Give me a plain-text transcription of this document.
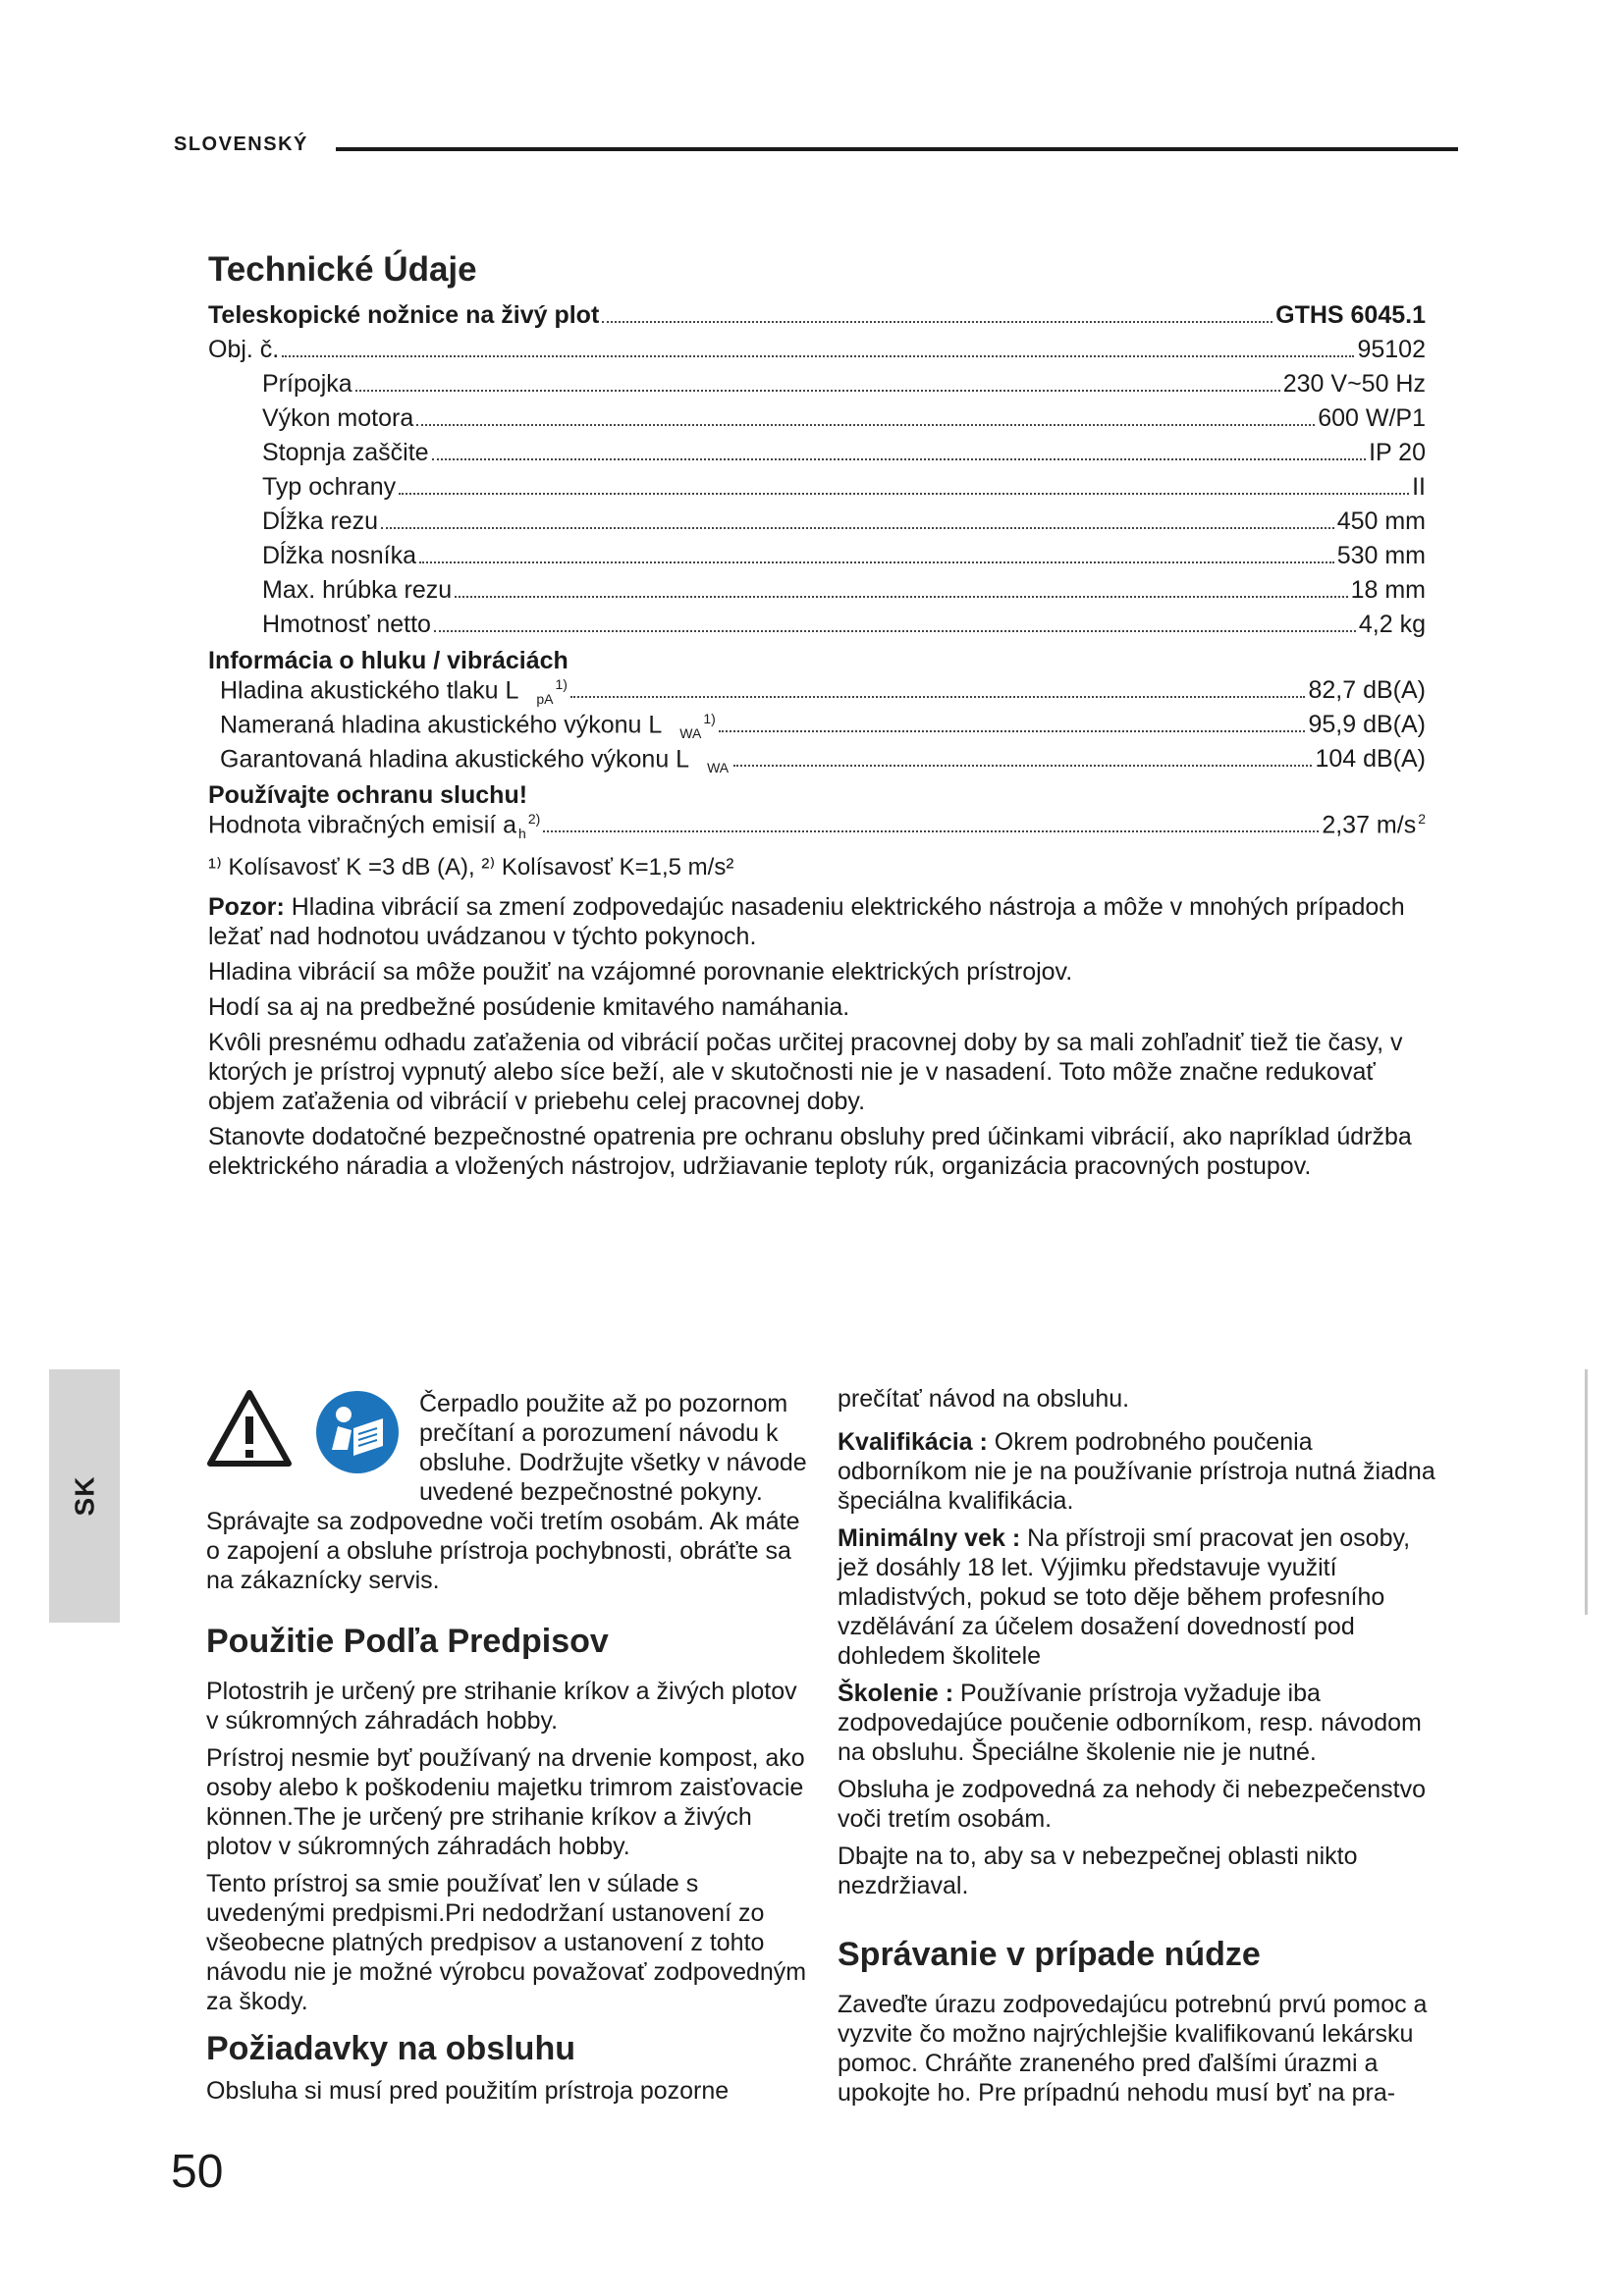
SLOVENSKÝ
Technické Údaje
Teleskopické nožnice na živý plot	GTHS 6045.1
Obj. č.	95102
Prípojka	230 V~50 Hz
Výkon motora	600 W/P1
Stopnja zaščite	IP 20
Typ ochrany	II
Dĺžka rezu	450 mm
Dĺžka nosníka	530 mm
Max. hrúbka rezu	18 mm
Hmotnosť netto	4,2 kg
Informácia o hluku / vibráciách
Hladina akustického tlaku L $_{pA}^{1)}$	82,7 dB(A)
Nameraná hladina akustického výkonu L $_{WA}^{1)}$	95,9 dB(A)
Garantovaná hladina akustického výkonu L $_{WA}$	104 dB(A)
Používajte ochranu sluchu!
Hodnota vibračných emisií a $_h^{2)}$	2,37 m/s $^2$
¹⁾ Kolísavosť K =3 dB (A), ²⁾ Kolísavosť K=1,5 m/s²

Pozor: Hladina vibrácií sa zmení zodpovedajúc nasadeniu elektrického nástroja a môže v mnohých prípadoch ležať nad hodnotou uvádzanou v týchto pokynoch.

Hladina vibrácií sa môže použiť na vzájomné porovnanie elektrických prístrojov.

Hodí sa aj na predbežné posúdenie kmitavého namáhania.

Kvôli presnému odhadu zaťaženia od vibrácií počas určitej pracovnej doby by sa mali zohľadniť tiež tie časy, v ktorých je prístroj vypnutý alebo síce beží, ale v skutočnosti nie je v nasadení. Toto môže značne redukovať objem zaťaženia od vibrácií v priebehu celej pracovnej doby.

Stanovte dodatočné bezpečnostné opatrenia pre ochranu obsluhy pred účinkami vibrácií, ako napríklad údržba elektrického náradia a vložených nástrojov, udržiavanie teploty rúk, organizácia pracovných postupov.

SK

Čerpadlo použite až po pozornom prečítaní a porozumení návodu k obsluhe. Dodržujte všetky v návode uvedené bezpečnostné pokyny. Správajte sa zodpovedne voči tretím osobám. Ak máte o zapojení a obsluhe prístroja pochybnosti, obráťte sa na zákaznícky servis.

Použitie Podľa Predpisov

Plotostrih je určený pre strihanie kríkov a živých plotov v súkromných záhradách hobby.

Prístroj nesmie byť používaný na drvenie kompost, ako osoby alebo k poškodeniu majetku trimrom zaisťovacie können.The je určený pre strihanie kríkov a živých plotov v súkromných záhradách hobby.

Tento prístroj sa smie používať len v súlade s uvedenými predpismi.Pri nedodržaní ustanovení zo všeobecne platných predpisov a ustanovení z tohto návodu nie je možné výrobcu považovať zodpovedným za škody.

Požiadavky na obsluhu

Obsluha si musí pred použitím prístroja pozorne

prečítať návod na obsluhu.

Kvalifikácia : Okrem podrobného poučenia odborníkom nie je na používanie prístroja nutná žiadna špeciálna kvalifikácia.

Minimálny vek : Na přístroji smí pracovat jen osoby, jež dosáhly 18 let. Výjimku představuje využití mladistvých, pokud se toto děje během profesního vzdělávání za účelem dosažení dovedností pod dohledem školitele

Školenie : Používanie prístroja vyžaduje iba zodpovedajúce poučenie odborníkom, resp. návodom na obsluhu. Špeciálne školenie nie je nutné.

Obsluha je zodpovedná za nehody či nebezpečenstvo voči tretím osobám.

Dbajte na to, aby sa v nebezpečnej oblasti nikto nezdržiaval.

Správanie v prípade núdze

Zaveďte úrazu zodpovedajúcu potrebnú prvú pomoc a vyzvite čo možno najrýchlejšie kvalifikovanú lekársku pomoc. Chráňte zraneného pred ďalšími úrazmi a upokojte ho. Pre prípadnú nehodu musí byť na pra-

50
